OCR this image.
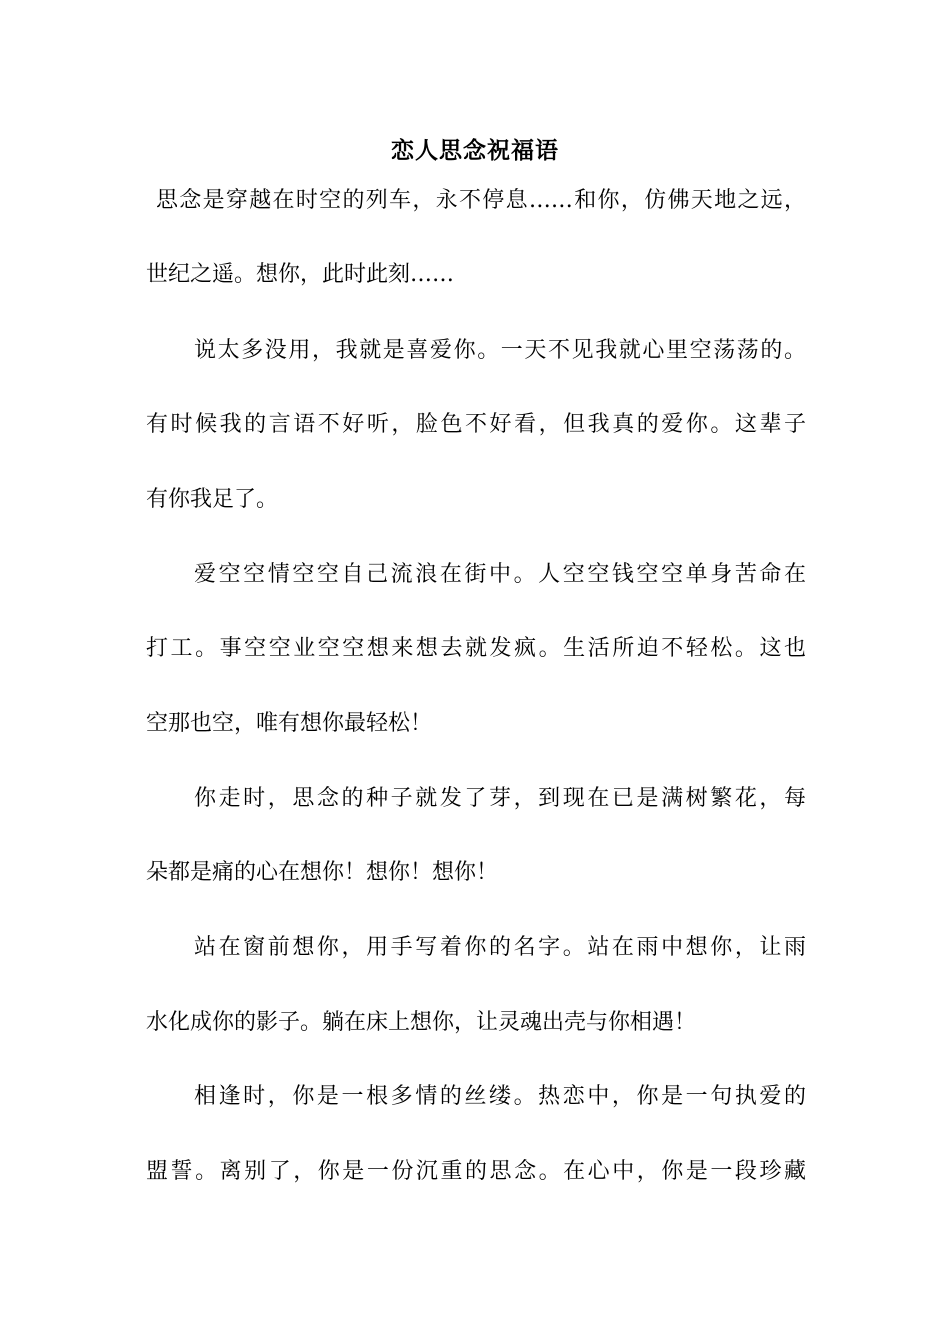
恋人思念祝福语
思念是穿越在时空的列车，永不停息……和你，仿佛天地之远，
世纪之遥。想你，此时此刻……
说太多没用，我就是喜爱你。一天不见我就心里空荡荡的。
有时候我的言语不好听，脸色不好看，但我真的爱你。这辈子
有你我足了。
爱空空情空空自己流浪在街中。人空空钱空空单身苦命在
打工。事空空业空空想来想去就发疯。生活所迫不轻松。这也
空那也空，唯有想你最轻松！
你走时，思念的种子就发了芽，到现在已是满树繁花，每
朵都是痛的心在想你！想你！想你！
站在窗前想你，用手写着你的名字。站在雨中想你，让雨
水化成你的影子。躺在床上想你，让灵魂出壳与你相遇！
相逢时，你是一根多情的丝缕。热恋中，你是一句执爱的
盟誓。离别了，你是一份沉重的思念。在心中，你是一段珍藏
